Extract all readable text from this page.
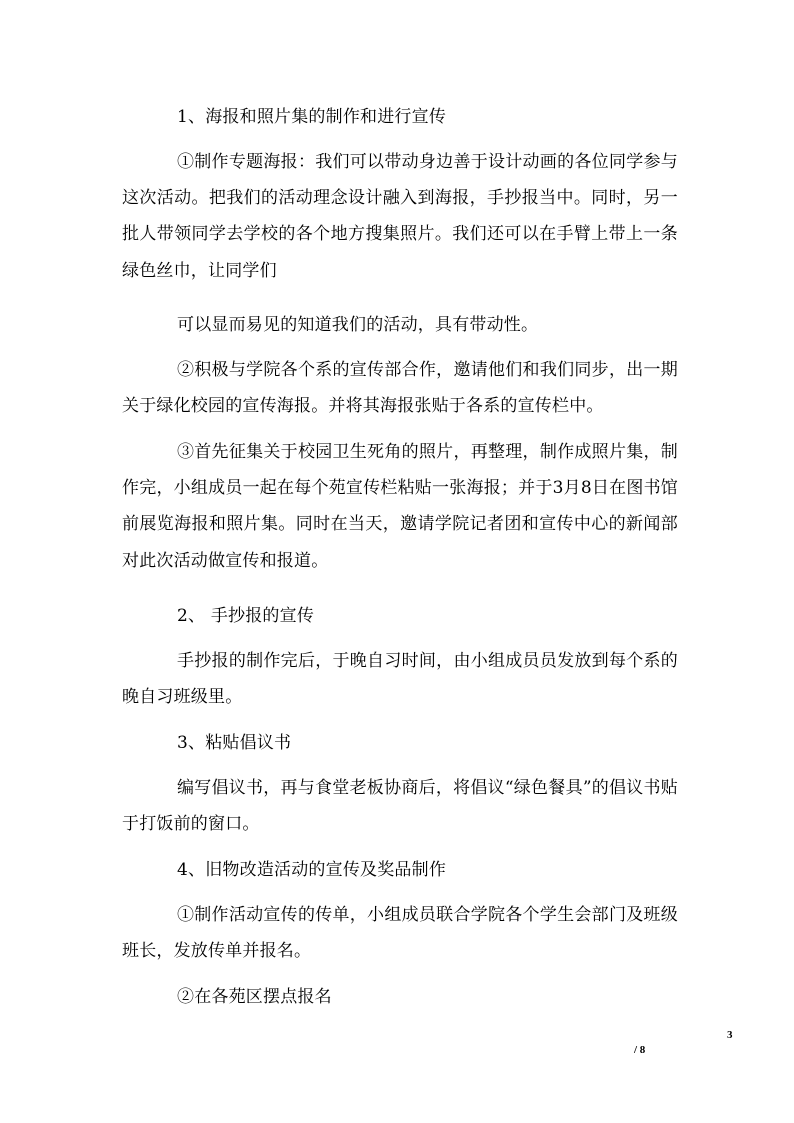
1、海报和照片集的制作和进行宣传

①制作专题海报：我们可以带动身边善于设计动画的各位同学参与这次活动。把我们的活动理念设计融入到海报，手抄报当中。同时，另一批人带领同学去学校的各个地方搜集照片。我们还可以在手臂上带上一条绿色丝巾，让同学们

可以显而易见的知道我们的活动，具有带动性。

②积极与学院各个系的宣传部合作，邀请他们和我们同步，出一期关于绿化校园的宣传海报。并将其海报张贴于各系的宣传栏中。

③首先征集关于校园卫生死角的照片，再整理，制作成照片集，制作完，小组成员一起在每个苑宣传栏粘贴一张海报；并于3月8日在图书馆前展览海报和照片集。同时在当天，邀请学院记者团和宣传中心的新闻部对此次活动做宣传和报道。

2、 手抄报的宣传

手抄报的制作完后，于晚自习时间，由小组成员员发放到每个系的晚自习班级里。

3、粘贴倡议书

编写倡议书，再与食堂老板协商后，将倡议“绿色餐具”的倡议书贴于打饭前的窗口。

4、旧物改造活动的宣传及奖品制作

①制作活动宣传的传单，小组成员联合学院各个学生会部门及班级班长，发放传单并报名。

②在各苑区摆点报名

3
/ 8
